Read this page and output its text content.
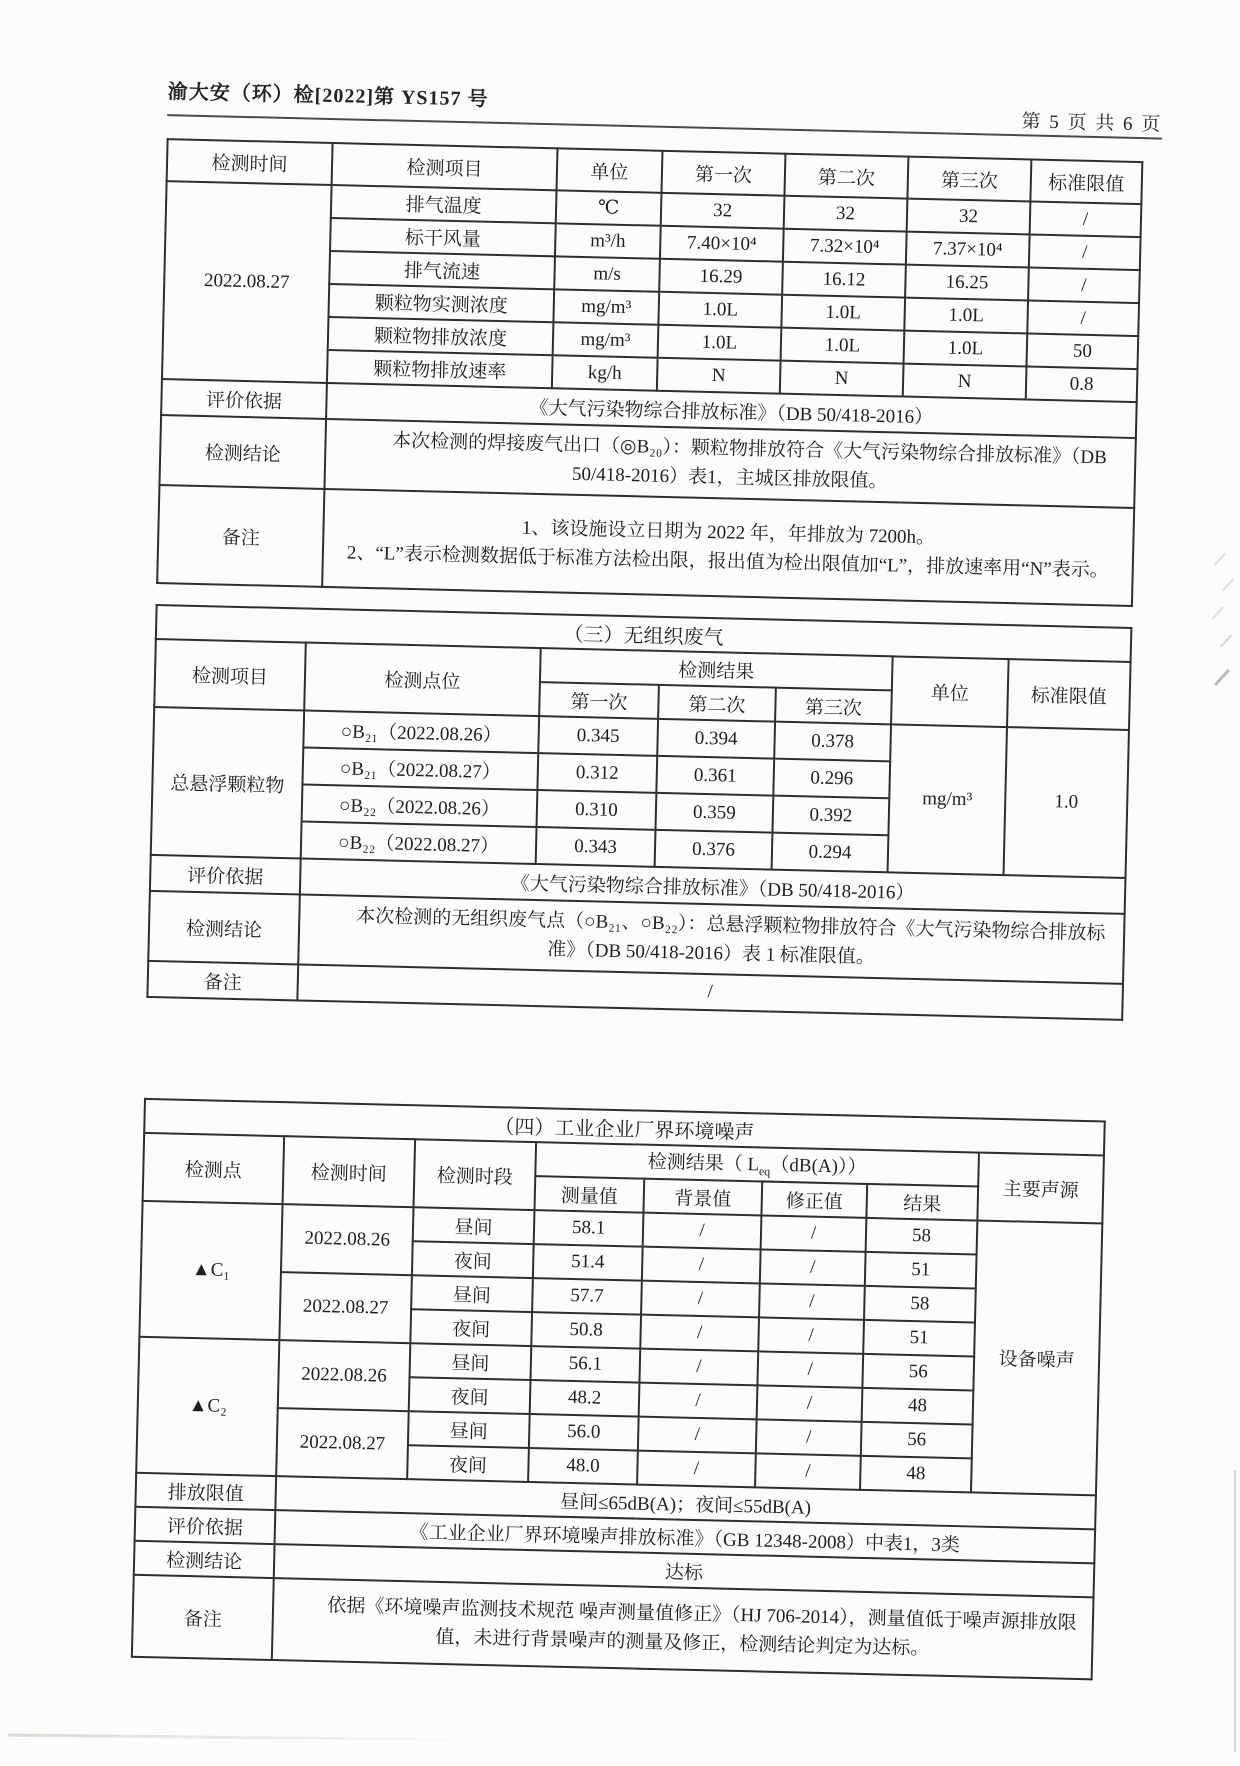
渝大安（环）检[2022]第 YS157 号
第 5 页 共 6 页
检测时间	检测项目	单位	第一次	第二次	第三次	标准限值
2022.08.27	排气温度	℃	32	32	32	/
	标干风量	m³/h	7.40×10⁴	7.32×10⁴	7.37×10⁴	/
	排气流速	m/s	16.29	16.12	16.25	/
	颗粒物实测浓度	mg/m³	1.0L	1.0L	1.0L	/
	颗粒物排放浓度	mg/m³	1.0L	1.0L	1.0L	50
	颗粒物排放速率	kg/h	N	N	N	0.8
评价依据	《大气污染物综合排放标准》（DB 50/418-2016）					
检测结论	本次检测的焊接废气出口（◎B₂₀）：颗粒物排放符合《大气污染物综合排放标准》（DB 50/418-2016）表1，主城区排放限值。					
备注	1、该设施设立日期为 2022 年，年排放为 7200h。
2、“L”表示检测数据低于标准方法检出限，报出值为检出限值加“L”，排放速率用“N”表示。					
（三）无组织废气						
检测项目	检测点位	检测结果			单位	标准限值
		第一次	第二次	第三次		
总悬浮颗粒物	○B₂₁（2022.08.26）	0.345	0.394	0.378	mg/m³	1.0
	○B₂₁（2022.08.27）	0.312	0.361	0.296		
	○B₂₂（2022.08.26）	0.310	0.359	0.392		
	○B₂₂（2022.08.27）	0.343	0.376	0.294		
评价依据	《大气污染物综合排放标准》（DB 50/418-2016）					
检测结论	本次检测的无组织废气点（○B₂₁、○B₂₂）：总悬浮颗粒物排放符合《大气污染物综合排放标准》（DB 50/418-2016）表 1 标准限值。					
备注	/					
（四）工业企业厂界环境噪声							
检测点	检测时间	检测时段	检测结果（ $L_{eq}(dB(A))$）				主要声源
			测量值	背景值	修正值	结果	
▲C₁	2022.08.26	昼间	58.1	/	/	58	设备噪声
		夜间	51.4	/	/	51	
	2022.08.27	昼间	57.7	/	/	58	
		夜间	50.8	/	/	51	
▲C₂	2022.08.26	昼间	56.1	/	/	56	
		夜间	48.2	/	/	48	
	2022.08.27	昼间	56.0	/	/	56	
		夜间	48.0	/	/	48	
排放限值	昼间≤65dB(A)；夜间≤55dB(A)						
评价依据	《工业企业厂界环境噪声排放标准》（GB 12348-2008）中表1，3类						
检测结论	达标						
备注	依据《环境噪声监测技术规范 噪声测量值修正》（HJ 706-2014），测量值低于噪声源排放限值，未进行背景噪声的测量及修正，检测结论判定为达标。						
